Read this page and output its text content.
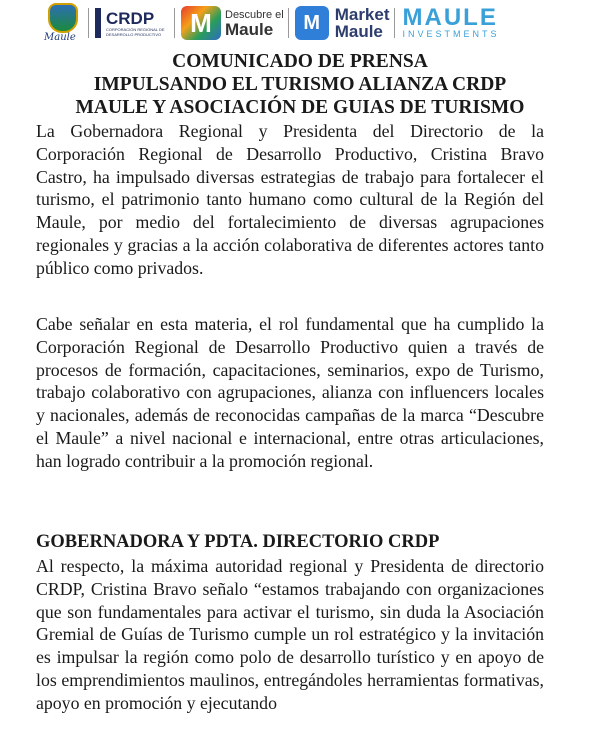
Maule
CRDP
CORPORACIÓN REGIONAL DE DESARROLLO PRODUCTIVO	M	Descubre el
Maule	M Market
Maule
MAULE
INVESTMENTS
COMUNICADO DE PRENSA
IMPULSANDO EL TURISMO ALIANZA CRDP
MAULE Y ASOCIACIÓN DE GUIAS DE TURISMO

La Gobernadora Regional y Presidenta del Directorio de la Corporación Regional de Desarrollo Productivo, Cristina Bravo Castro, ha impulsado diversas estrategias de trabajo para fortalecer el turismo, el patrimonio tanto humano como cultural de la Región del Maule, por medio del fortalecimiento de diversas agrupaciones regionales y gracias a la acción colaborativa de diferentes actores tanto público como privados.

Cabe señalar en esta materia, el rol fundamental que ha cumplido la Corporación Regional de Desarrollo Productivo quien a través de procesos de formación, capacitaciones, seminarios, expo de Turismo, trabajo colaborativo con agrupaciones, alianza con influencers locales y nacionales, además de reconocidas campañas de la marca “Descubre el Maule” a nivel nacional e internacional, entre otras articulaciones, han logrado contribuir a la promoción regional.

GOBERNADORA Y PDTA. DIRECTORIO CRDP

Al respecto, la máxima autoridad regional y Presidenta de directorio CRDP, Cristina Bravo señalo “estamos trabajando con organizaciones que son fundamentales para activar el turismo, sin duda la Asociación Gremial de Guías de Turismo cumple un rol estratégico y la invitación es impulsar la región como polo de desarrollo turístico y en apoyo de los emprendimientos maulinos, entregándoles herramientas formativas, apoyo en promoción y ejecutando
